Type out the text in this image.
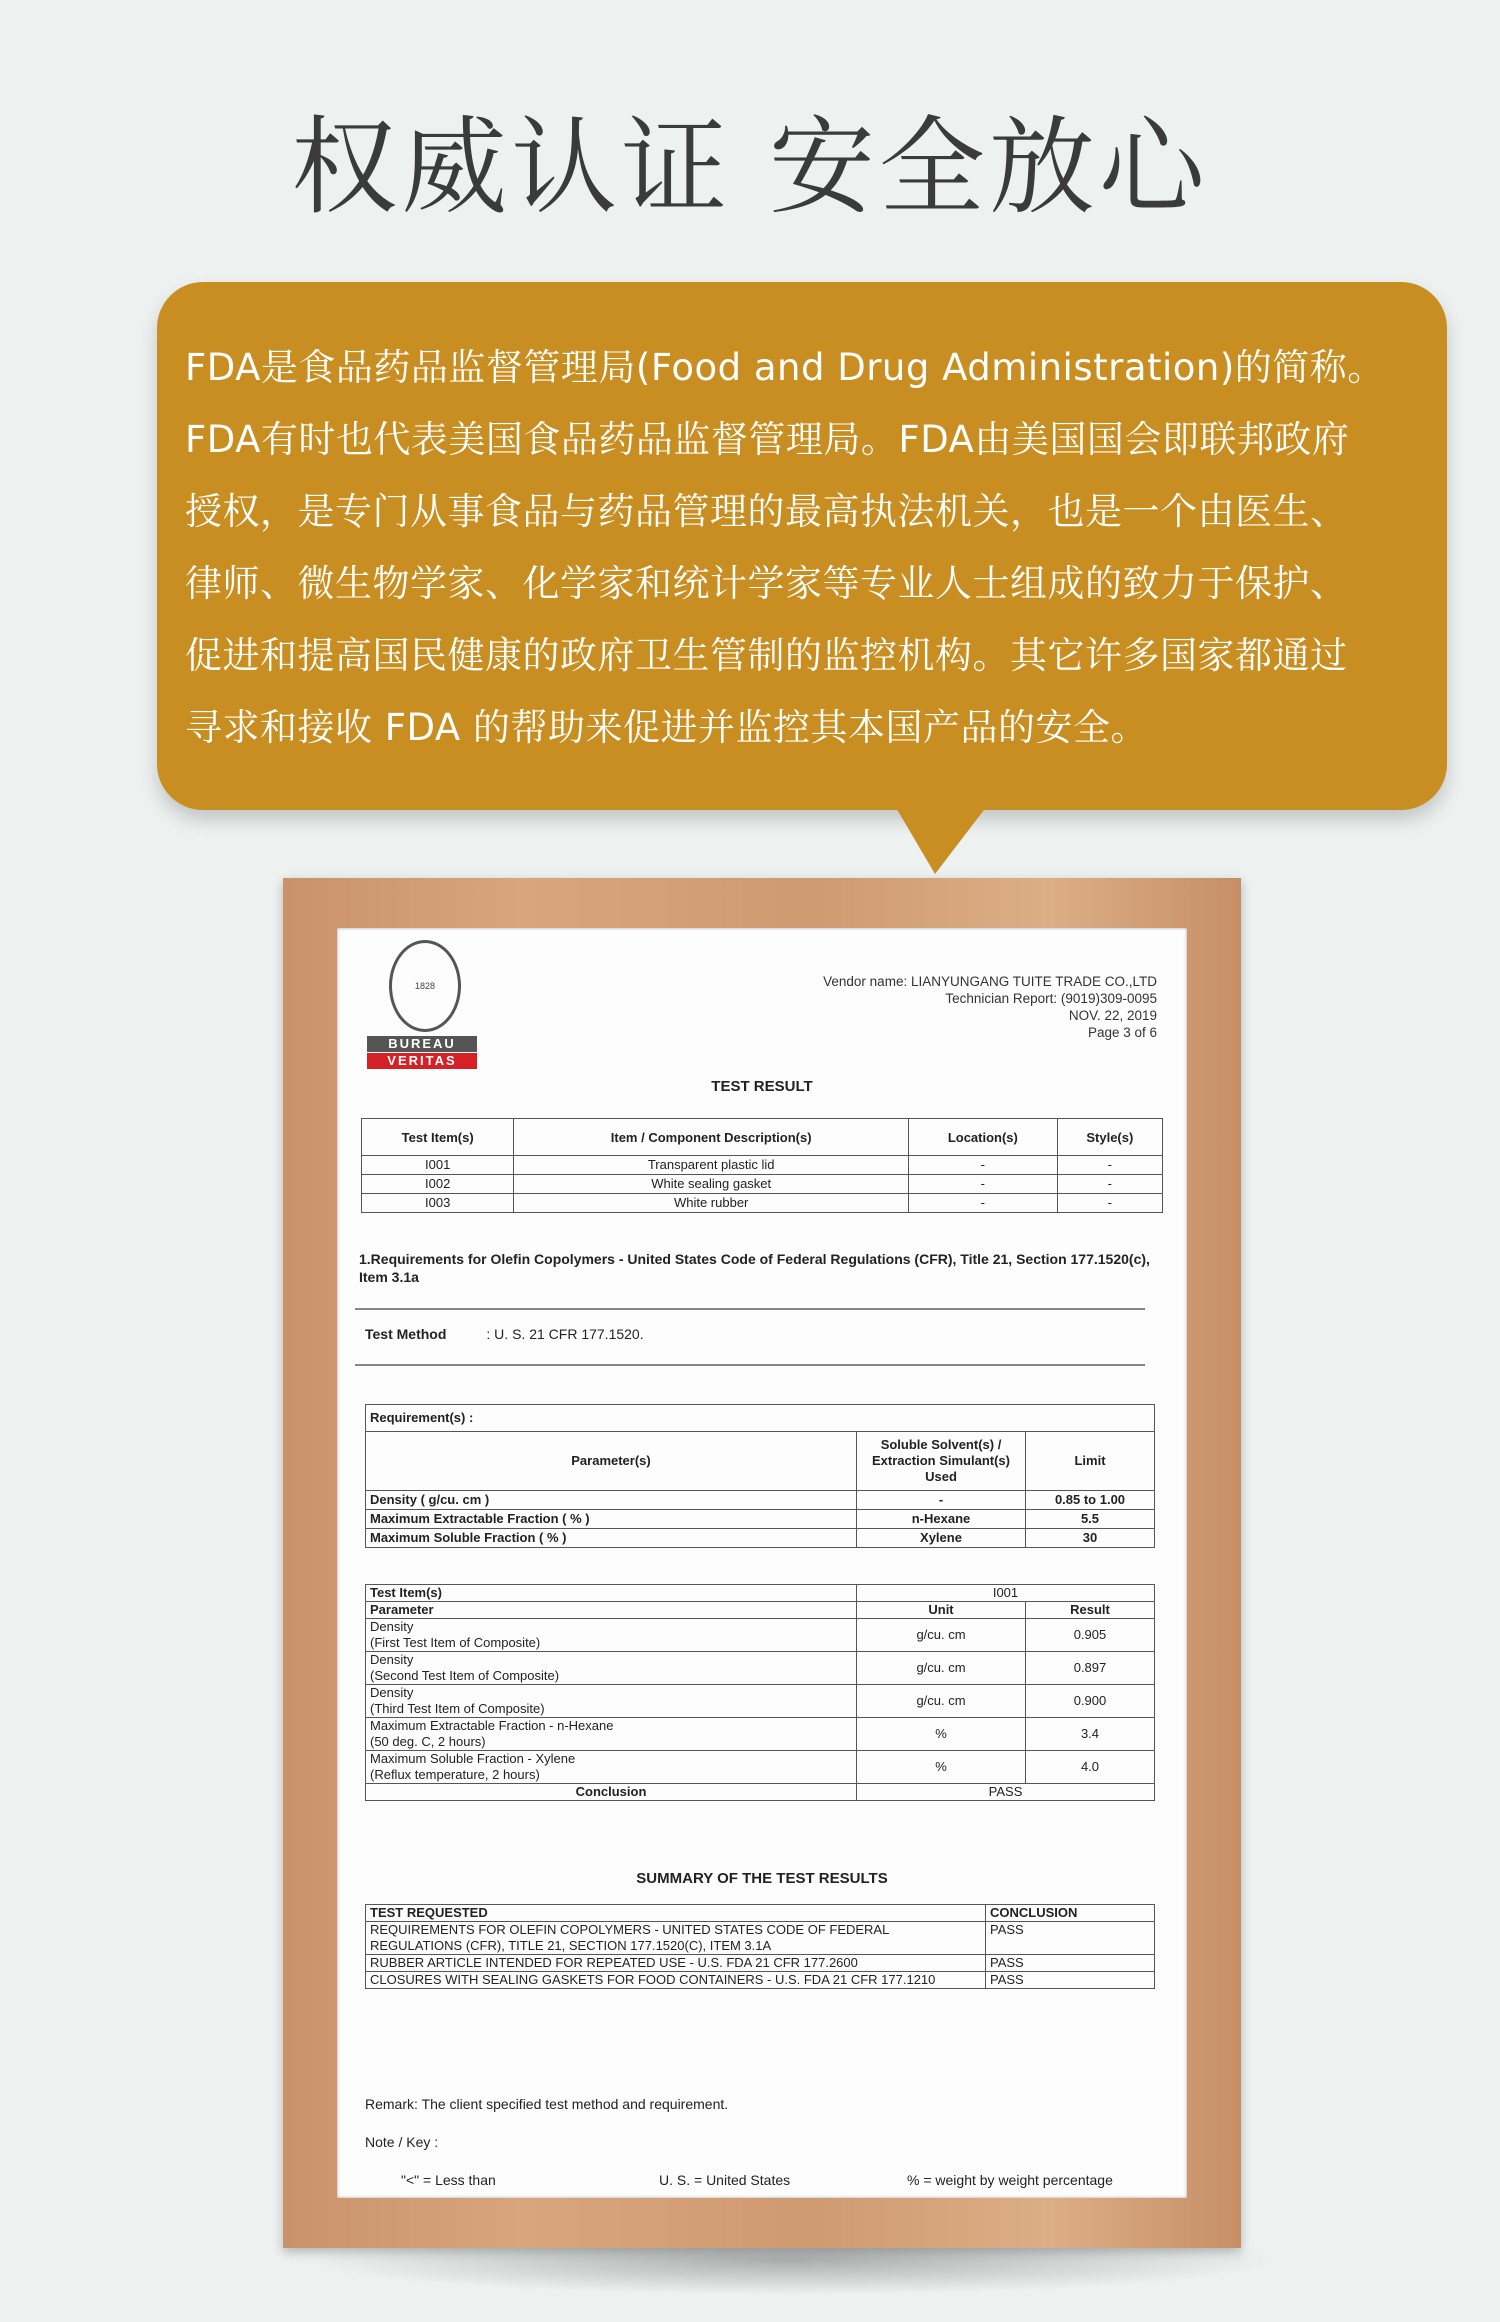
权威认证 安全放心
FDA是食品药品监督管理局(Food and Drug Administration)的简称。
FDA有时也代表美国食品药品监督管理局。FDA由美国国会即联邦政府
授权，是专门从事食品与药品管理的最高执法机关，也是一个由医生、
律师、微生物学家、化学家和统计学家等专业人士组成的致力于保护、
促进和提高国民健康的政府卫生管制的监控机构。其它许多国家都通过
寻求和接收 FDA 的帮助来促进并监控其本国产品的安全。
1828
BUREAU
VERITAS
Vendor name: LIANYUNGANG TUITE TRADE CO.,LTD
Technician Report: (9019)309-0095
NOV. 22, 2019
Page 3 of 6
TEST RESULT
Test Item(s)	Item / Component Description(s)	Location(s)	Style(s)
I001	Transparent plastic lid	-	-
I002	White sealing gasket	-	-
I003	White rubber	-	-
1.Requirements for Olefin Copolymers - United States Code of Federal Regulations (CFR), Title 21, Section 177.1520(c), Item 3.1a
Test Method	: U. S. 21 CFR 177.1520.
Requirement(s) :		
Parameter(s)	Soluble Solvent(s) / Extraction Simulant(s) Used	Limit
Density ( g/cu. cm )	-	0.85 to 1.00
Maximum Extractable Fraction ( % )	n-Hexane	5.5
Maximum Soluble Fraction ( % )	Xylene	30
Test Item(s)	I001	
Parameter	Unit	Result

Density
(First Test Item of Composite)	g/cu. cm	0.905

Density
(Second Test Item of Composite)	g/cu. cm	0.897

Density
(Third Test Item of Composite)	g/cu. cm	0.900

Maximum Extractable Fraction - n-Hexane
(50 deg. C, 2 hours)	%	3.4

Maximum Soluble Fraction - Xylene
(Reflux temperature, 2 hours)	%	4.0
Conclusion	PASS	
SUMMARY OF THE TEST RESULTS
TEST REQUESTED	CONCLUSION
REQUIREMENTS FOR OLEFIN COPOLYMERS - UNITED STATES CODE OF FEDERAL REGULATIONS (CFR), TITLE 21, SECTION 177.1520(C), ITEM 3.1A	PASS
RUBBER ARTICLE INTENDED FOR REPEATED USE - U.S. FDA 21 CFR 177.2600	PASS
CLOSURES WITH SEALING GASKETS FOR FOOD CONTAINERS - U.S. FDA 21 CFR 177.1210	PASS
Remark: The client specified test method and requirement.
Note / Key :
"<" = Less than	U. S. = United States	% = weight by weight percentage
